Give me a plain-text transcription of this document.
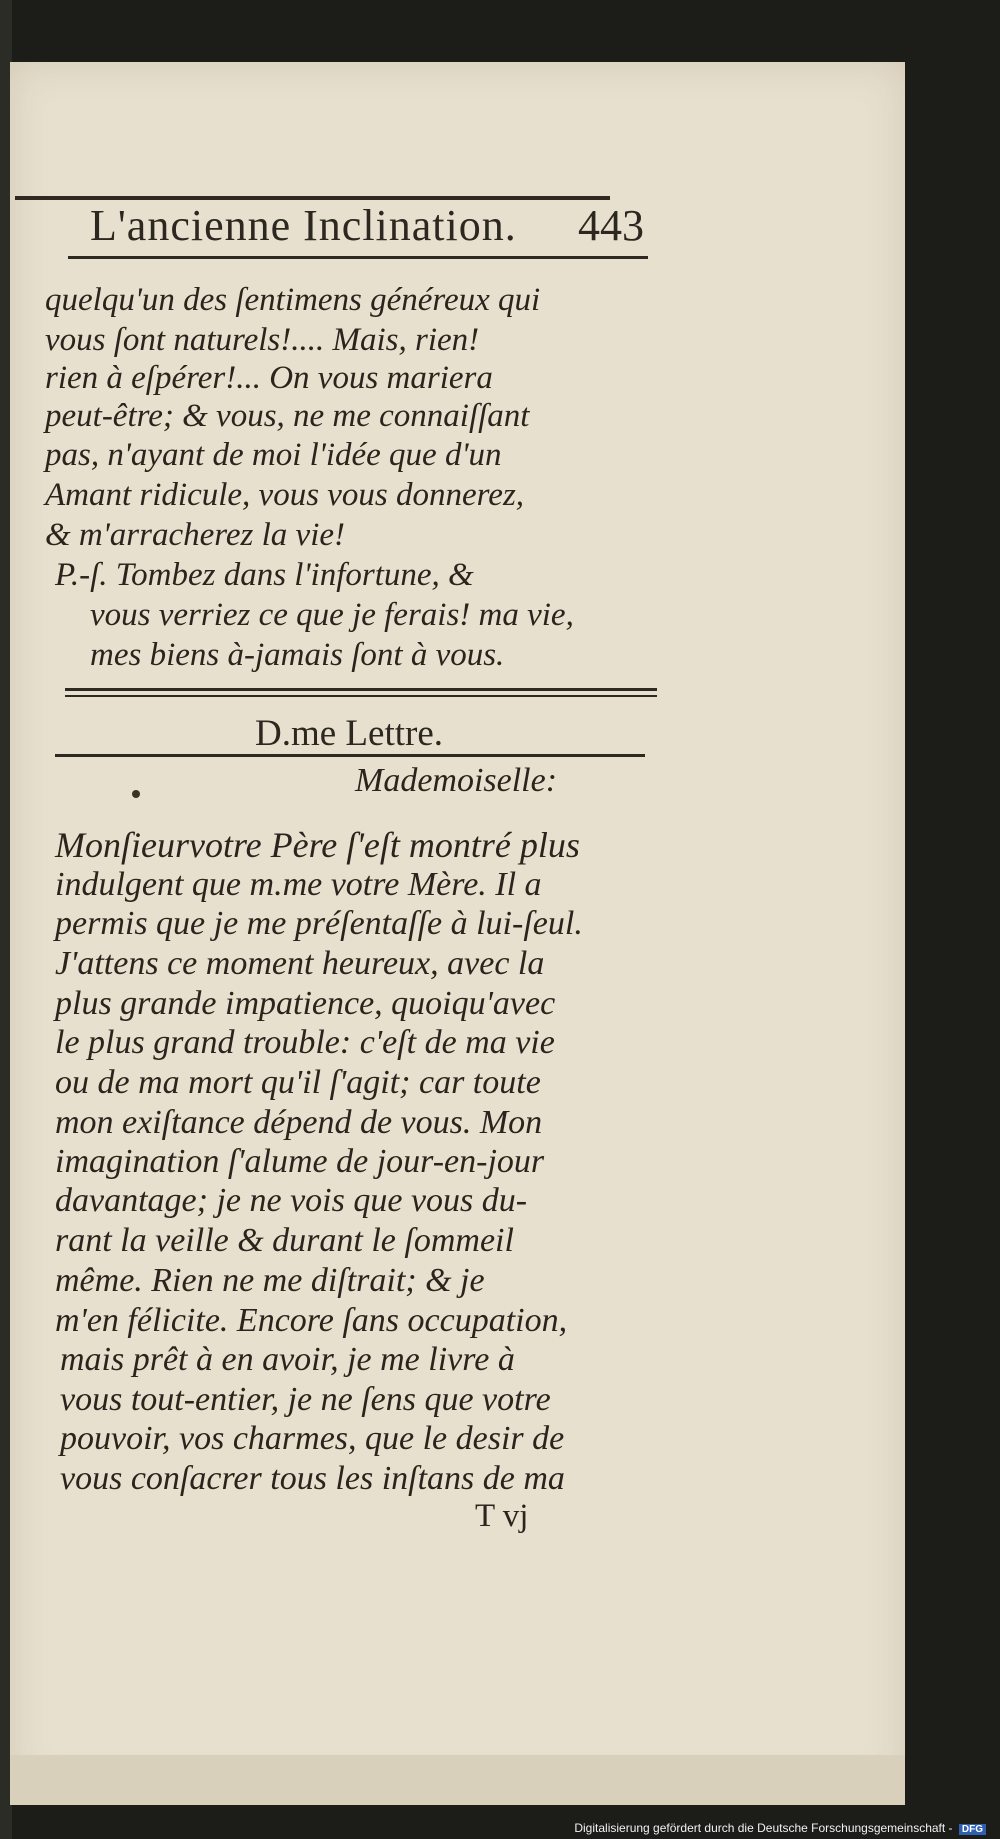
L'ancienne Inclination.	443
quelqu'un des ſentimens généreux qui
vous ſont naturels!.... Mais, rien!
rien à eſpérer!... On vous mariera
peut-être; & vous, ne me connaiſſant
pas, n'ayant de moi l'idée que d'un
Amant ridicule, vous vous donnerez,
& m'arracherez la vie!
P.-ſ. Tombez dans l'infortune, &
vous verriez ce que je ferais! ma vie,
mes biens à-jamais ſont à vous.
D.me Lettre.
Mademoiselle:
Monſieurvotre Père ſ'eſt montré plus
indulgent que m.me votre Mère. Il a
permis que je me préſentaſſe à lui-ſeul.
J'attens ce moment heureux, avec la
plus grande impatience, quoiqu'avec
le plus grand trouble: c'eſt de ma vie
ou de ma mort qu'il ſ'agit; car toute
mon exiſtance dépend de vous. Mon
imagination ſ'alume de jour-en-jour
davantage; je ne vois que vous du-
rant la veille & durant le ſommeil
même. Rien ne me diſtrait; & je
m'en félicite. Encore ſans occupation,
mais prêt à en avoir, je me livre à
vous tout-entier, je ne ſens que votre
pouvoir, vos charmes, que le desir de
vous conſacrer tous les inſtans de ma
T vj
Digitalisierung gefördert durch die Deutsche Forschungsgemeinschaft - DFG
